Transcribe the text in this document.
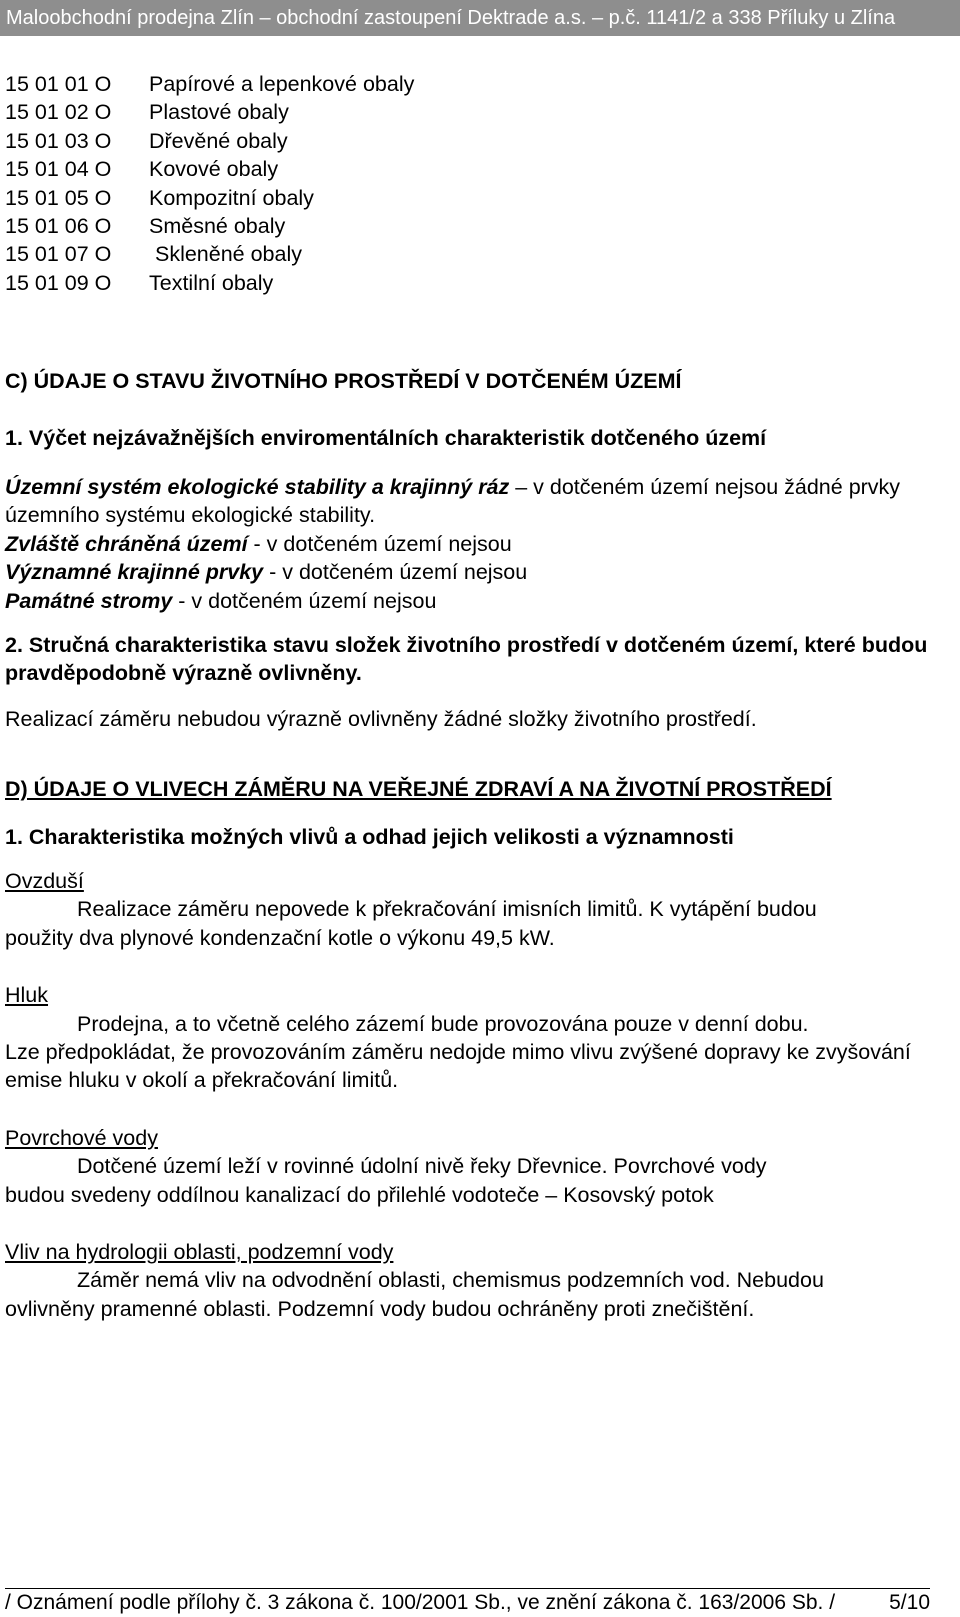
Maloobchodní prodejna Zlín – obchodní zastoupení Dektrade a.s. – p.č. 1141/2 a 338 Příluky u Zlína
15 01 01 O	Papírové a lepenkové obaly
15 01 02 O	Plastové obaly
15 01 03 O	Dřevěné obaly
15 01 04 O	Kovové obaly
15 01 05 O	Kompozitní obaly
15 01 06 O	Směsné obaly
15 01 07 O	Skleněné obaly
15 01 09 O	Textilní obaly

C) ÚDAJE O STAVU ŽIVOTNÍHO PROSTŘEDÍ V DOTČENÉM ÚZEMÍ

1. Výčet nejzávažnějších enviromentálních charakteristik dotčeného území

Územní systém ekologické stability a krajinný ráz – v dotčeném území nejsou žádné prvky územního systému ekologické stability.

Zvláště chráněná území - v dotčeném území nejsou

Významné krajinné prvky - v dotčeném území nejsou

Památné stromy - v dotčeném území nejsou

2. Stručná charakteristika stavu složek životního prostředí v dotčeném území, které budou pravděpodobně výrazně ovlivněny.

Realizací záměru nebudou výrazně ovlivněny žádné složky životního prostředí.

D) ÚDAJE O VLIVECH ZÁMĚRU NA VEŘEJNÉ ZDRAVÍ A NA ŽIVOTNÍ PROSTŘEDÍ

1. Charakteristika možných vlivů a odhad jejich velikosti a významnosti

Ovzduší

Realizace záměru nepovede k překračování imisních limitů. K vytápění budou

použity dva plynové kondenzační kotle o výkonu 49,5 kW.

Hluk

Prodejna, a to včetně celého zázemí bude provozována pouze v denní dobu.

Lze předpokládat, že provozováním záměru nedojde mimo vlivu zvýšené dopravy ke zvyšování emise hluku v okolí a překračování limitů.

Povrchové vody

Dotčené území leží v rovinné údolní nivě řeky Dřevnice. Povrchové vody

budou svedeny oddílnou kanalizací do přilehlé vodoteče – Kosovský potok

Vliv na hydrologii oblasti, podzemní vody

Záměr nemá vliv na odvodnění oblasti, chemismus podzemních vod. Nebudou

ovlivněny pramenné oblasti. Podzemní vody budou ochráněny proti znečištění.

/ Oznámení podle přílohy č. 3 zákona č. 100/2001 Sb., ve znění zákona č. 163/2006 Sb. /	5/10
